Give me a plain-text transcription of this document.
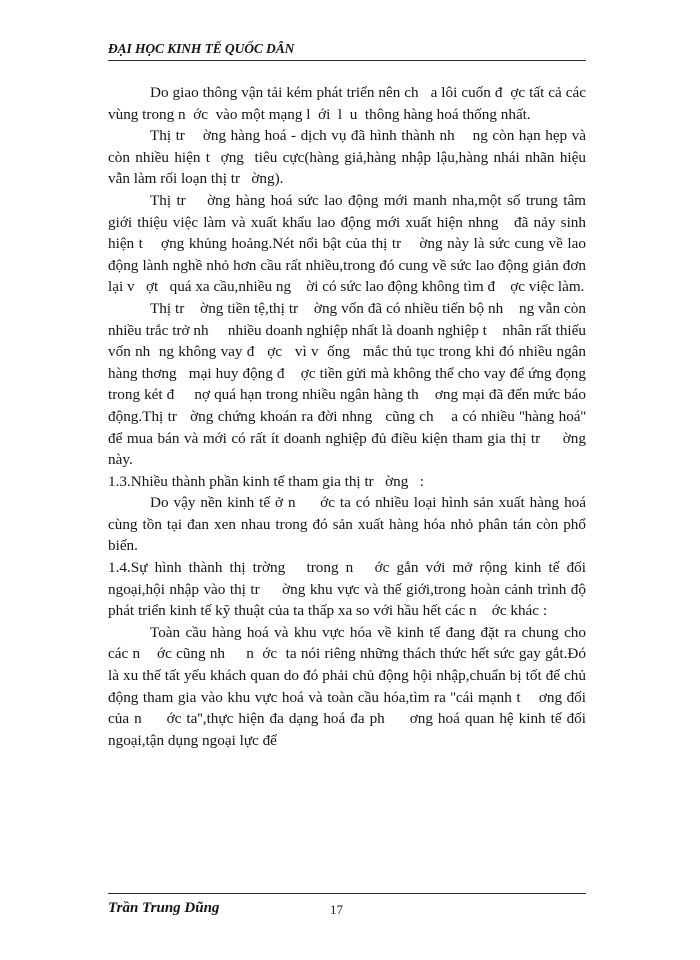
ĐẠI HỌC KINH TẾ QUỐC DÂN

Do giao thông vận tải kém phát triển nên ch   a lôi cuốn đ  ợc tất cả các vùng trong n  ớc  vào một mạng l  ới  l  u  thông hàng hoá thống nhất.

Thị tr    ờng hàng hoá - dịch vụ đã hình thành nh    ng còn hạn hẹp và còn nhiều hiện t  ợng  tiêu cực(hàng giả,hàng nhập lậu,hàng nhái nhãn hiệu vẫn làm rối loạn thị tr   ờng).

Thị tr    ờng hàng hoá sức lao động mới manh nha,một số trung tâm giới thiệu việc làm và xuất khẩu lao động mới xuất hiện nhng   đã nảy sinh hiện t    ợng khủng hoảng.Nét nổi bật của thị tr    ờng này là sức cung về lao động lành nghề nhỏ hơn cầu rất nhiều,trong đó cung về sức lao động giản đơn lại v   ợt   quá xa cầu,nhiều ng    ời có sức lao động không tìm đ    ợc việc làm.

Thị tr    ờng tiền tệ,thị tr    ờng vốn đã có nhiều tiến bộ nh    ng vẫn còn nhiều trắc trở nh     nhiều doanh nghiệp nhất là doanh nghiệp t    nhân rất thiếu vốn nh  ng không vay đ   ợc   vì v  ống   mắc thủ tục trong khi đó nhiều ngân hàng thơng   mại huy động đ    ợc tiền gửi mà không thể cho vay để ứng đọng trong két đ     nợ quá hạn trong nhiều ngân hàng th    ơng mại đã đến mức báo động.Thị tr   ờng chứng khoán ra đời nhng   cũng ch    a có nhiều ''hàng hoá'' để mua bán và mới có rất ít doanh nghiệp đủ điều kiện tham gia thị tr     ờng này.

1.3.Nhiều thành phần kinh tế tham gia thị tr   ờng   :

Do vậy nền kinh tế ở n     ớc ta có nhiều loại hình sản xuất hàng hoá cùng tồn tại đan xen nhau trong đó sản xuất hàng hóa nhỏ phân tán còn phổ biến.

1.4.Sự hình thành thị trờng   trong n   ớc gắn với mở rộng kinh tế đối ngoại,hội nhập vào thị tr     ờng khu vực và thế giới,trong hoàn cảnh trình độ phát triển kinh tế kỹ thuật của ta thấp xa so với hầu hết các n    ớc khác :

Toàn cầu hàng hoá và khu vực hóa về kinh tế đang đặt ra chung cho các n    ớc cũng nh     n  ớc  ta nói riêng những thách thức hết sức gay gắt.Đó là xu thế tất yếu khách quan do đó phải chủ động hội nhập,chuẩn bị tốt để chủ động tham gia vào khu vực hoá và toàn cầu hóa,tìm ra ''cái mạnh t    ơng đối của n     ớc ta'',thực hiện đa dạng hoá đa ph     ơng hoá quan hệ kinh tế đối ngoại,tận dụng ngoại lực để

Trần Trung Dũng	17
